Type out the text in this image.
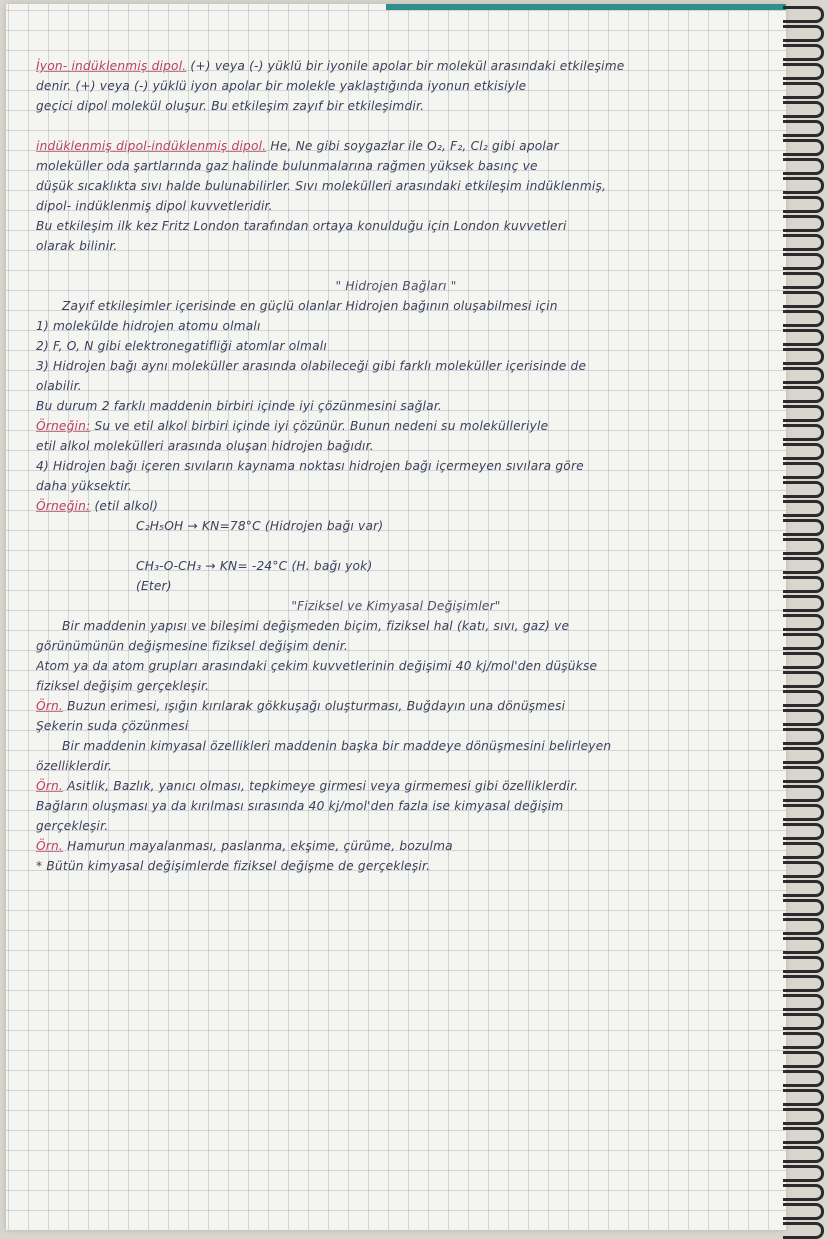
İyon- indüklenmiş dipol. (+) veya (-) yüklü bir iyonile apolar bir molekül arasındaki etkileşime
denir. (+) veya (-) yüklü iyon apolar bir molekle yaklaştığında iyonun etkisiyle
geçici dipol molekül oluşur. Bu etkileşim zayıf bir etkileşimdir.
indüklenmiş dipol-indüklenmiş dipol. He, Ne gibi soygazlar ile O₂, F₂, Cl₂ gibi apolar
moleküller oda şartlarında gaz halinde bulunmalarına rağmen yüksek basınç ve
düşük sıcaklıkta sıvı halde bulunabilirler. Sıvı molekülleri arasındaki etkileşim indüklenmiş,
dipol- indüklenmiş dipol kuvvetleridir.
Bu etkileşim ilk kez Fritz London tarafından ortaya konulduğu için London kuvvetleri
olarak bilinir.
" Hidrojen Bağları "
Zayıf etkileşimler içerisinde en güçlü olanlar Hidrojen bağının oluşabilmesi için
1) molekülde hidrojen atomu olmalı
2) F, O, N gibi elektronegatifliği atomlar olmalı
3) Hidrojen bağı aynı moleküller arasında olabileceği gibi farklı moleküller içerisinde de
olabilir.
Bu durum 2 farklı maddenin birbiri içinde iyi çözünmesini sağlar.
Örneğin: Su ve etil alkol birbiri içinde iyi çözünür. Bunun nedeni su molekülleriyle
etil alkol molekülleri arasında oluşan hidrojen bağıdır.
4) Hidrojen bağı içeren sıvıların kaynama noktası hidrojen bağı içermeyen sıvılara göre
daha yüksektir.
Örneğin: (etil alkol)
C₂H₅OH → KN=78°C (Hidrojen bağı var)
CH₃-O-CH₃ → KN= -24°C (H. bağı yok)
(Eter)
"Fiziksel ve Kimyasal Değişimler"
Bir maddenin yapısı ve bileşimi değişmeden biçim, fiziksel hal (katı, sıvı, gaz) ve
görünümünün değişmesine fiziksel değişim denir.
Atom ya da atom grupları arasındaki çekim kuvvetlerinin değişimi 40 kj/mol'den düşükse
fiziksel değişim gerçekleşir.
Örn. Buzun erimesi, ışığın kırılarak gökkuşağı oluşturması, Buğdayın una dönüşmesi
Şekerin suda çözünmesi
Bir maddenin kimyasal özellikleri maddenin başka bir maddeye dönüşmesini belirleyen
özelliklerdir.
Örn. Asitlik, Bazlık, yanıcı olması, tepkimeye girmesi veya girmemesi gibi özelliklerdir.
Bağların oluşması ya da kırılması sırasında 40 kj/mol'den fazla ise kimyasal değişim
gerçekleşir.
Örn. Hamurun mayalanması, paslanma, ekşime, çürüme, bozulma
* Bütün kimyasal değişimlerde fiziksel değişme de gerçekleşir.
